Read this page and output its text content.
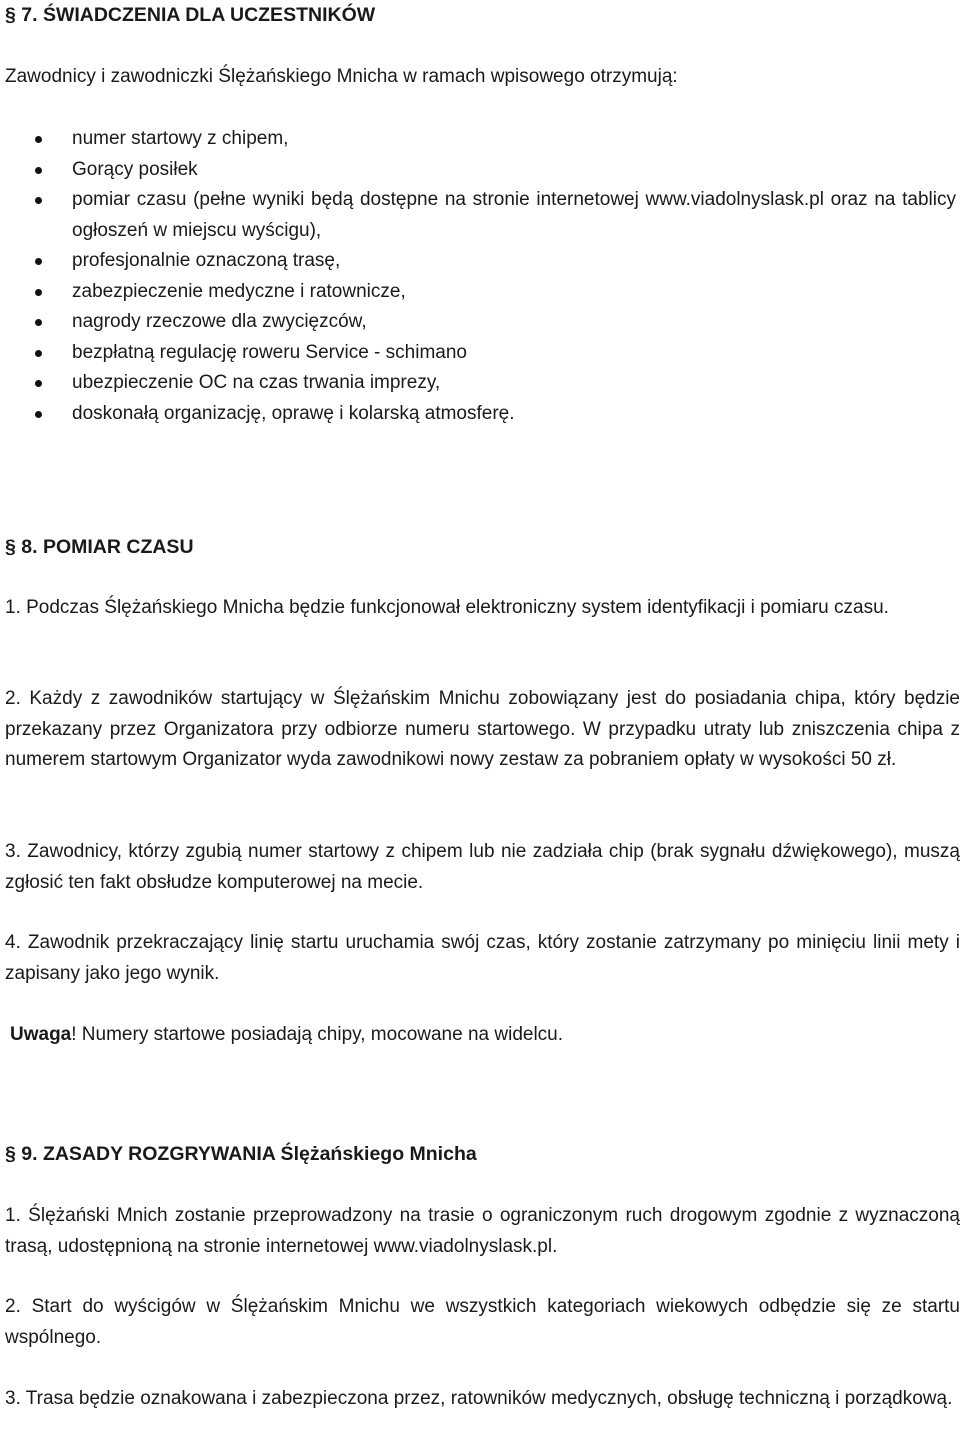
§ 7. ŚWIADCZENIA DLA UCZESTNIKÓW
Zawodnicy i zawodniczki Ślężańskiego Mnicha w ramach wpisowego otrzymują:
numer startowy z chipem,
Gorący posiłek
pomiar czasu (pełne wyniki będą dostępne na stronie internetowej www.viadolnyslask.pl oraz na tablicy ogłoszeń w miejscu wyścigu),
profesjonalnie oznaczoną trasę,
zabezpieczenie medyczne i ratownicze,
nagrody rzeczowe dla zwycięzców,
bezpłatną regulację roweru Service - schimano
ubezpieczenie OC na czas trwania imprezy,
doskonałą organizację, oprawę i kolarską atmosferę.
§ 8. POMIAR CZASU
1. Podczas Ślężańskiego Mnicha będzie funkcjonował elektroniczny system identyfikacji i pomiaru czasu.
2. Każdy z zawodników startujący w Ślężańskim Mnichu zobowiązany jest do posiadania chipa, który będzie przekazany przez Organizatora przy odbiorze numeru startowego. W przypadku utraty lub zniszczenia chipa z numerem startowym Organizator wyda zawodnikowi nowy zestaw za pobraniem opłaty w wysokości 50 zł.
3. Zawodnicy, którzy zgubią numer startowy z chipem lub nie zadziała chip (brak sygnału dźwiękowego), muszą zgłosić ten fakt obsłudze komputerowej na mecie.
4. Zawodnik przekraczający linię startu uruchamia swój czas, który zostanie zatrzymany po minięciu linii mety i zapisany jako jego wynik.
Uwaga! Numery startowe posiadają chipy, mocowane na widelcu.
§ 9. ZASADY ROZGRYWANIA Ślężańskiego Mnicha
1. Ślężański Mnich zostanie przeprowadzony na trasie o ograniczonym ruch drogowym zgodnie z wyznaczoną trasą, udostępnioną na stronie internetowej www.viadolnyslask.pl.
2. Start do wyścigów w Ślężańskim Mnichu we wszystkich kategoriach wiekowych odbędzie się ze startu wspólnego.
3. Trasa będzie oznakowana i zabezpieczona przez, ratowników medycznych, obsługę techniczną i porządkową.
